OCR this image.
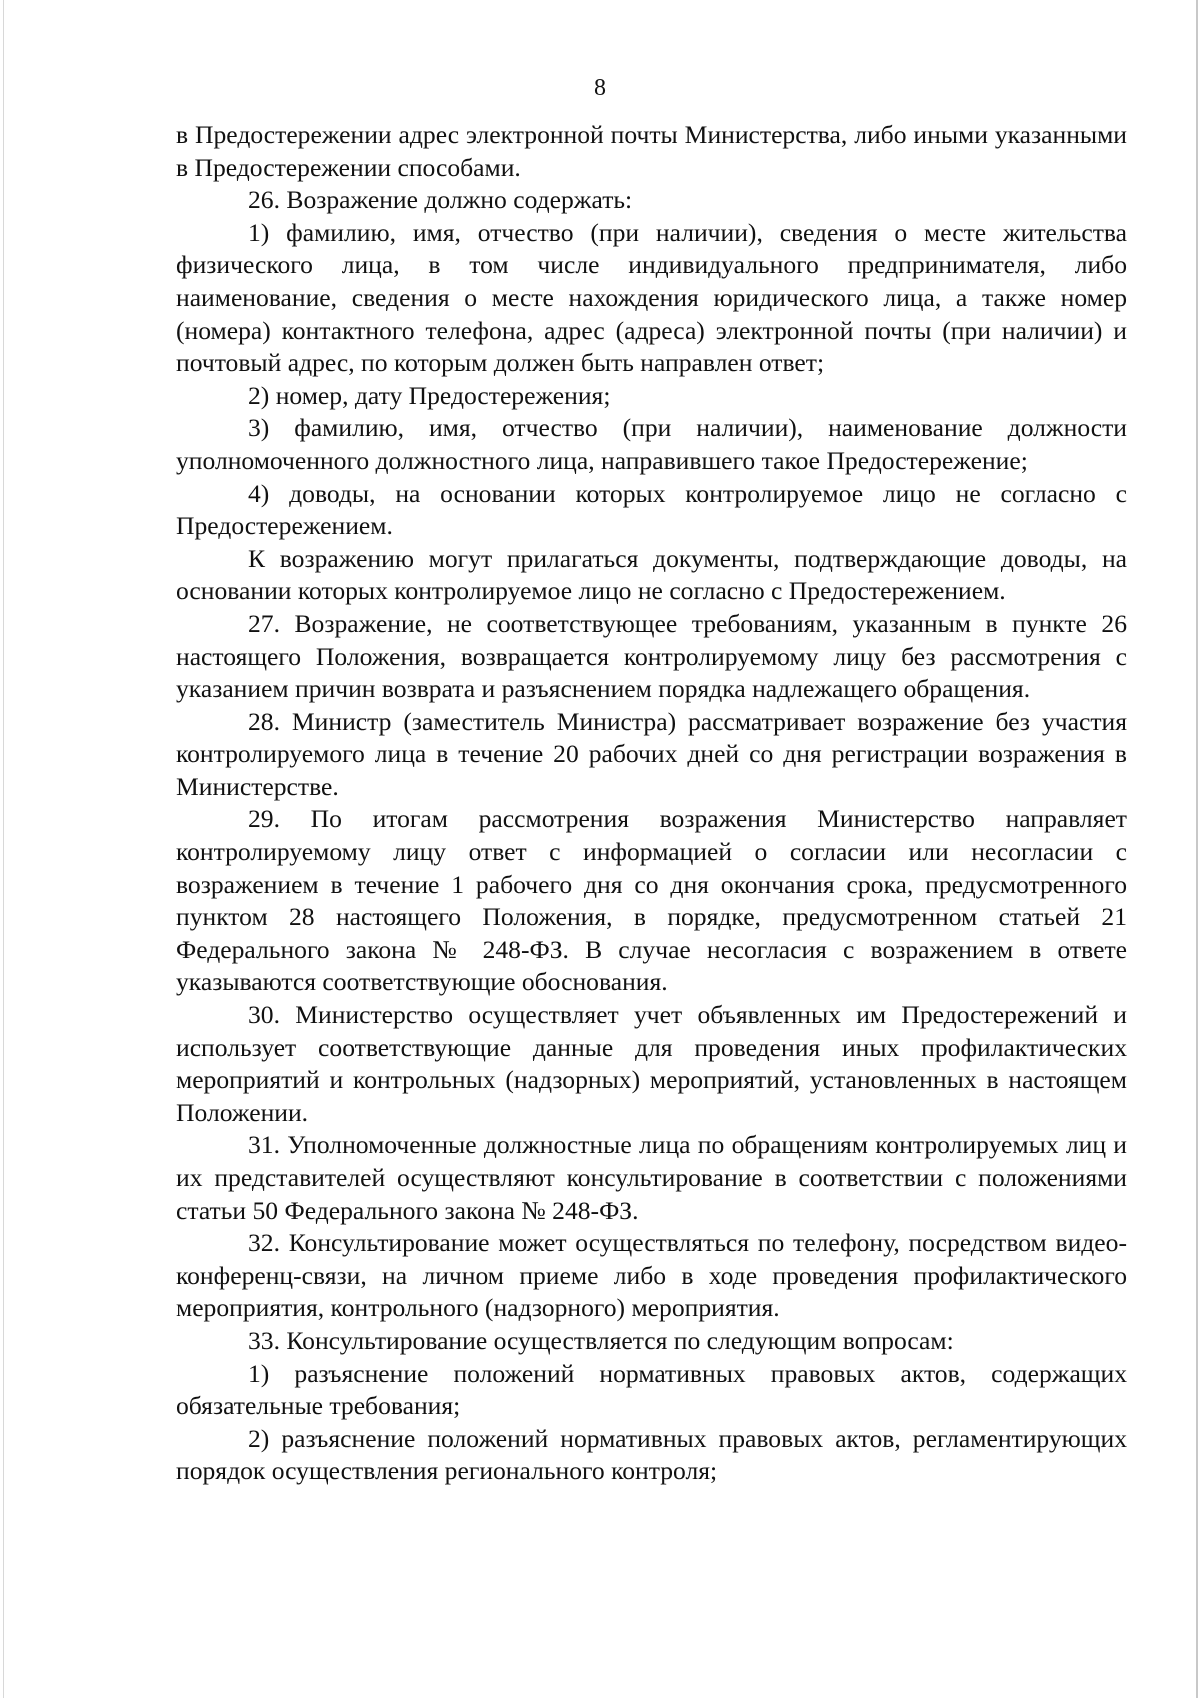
8

в Предостережении адрес электронной почты Министерства, либо иными указанными в Предостережении способами.

26. Возражение должно содержать:

1) фамилию, имя, отчество (при наличии), сведения о месте жительства физического лица, в том числе индивидуального предпринимателя, либо наименование, сведения о месте нахождения юридического лица, а также номер (номера) контактного телефона, адрес (адреса) электронной почты (при наличии) и почтовый адрес, по которым должен быть направлен ответ;

2) номер, дату Предостережения;

3) фамилию, имя, отчество (при наличии), наименование должности уполномоченного должностного лица, направившего такое Предостережение;

4) доводы, на основании которых контролируемое лицо не согласно с Предостережением.

К возражению могут прилагаться документы, подтверждающие доводы, на основании которых контролируемое лицо не согласно с Предостережением.

27. Возражение, не соответствующее требованиям, указанным в пункте 26 настоящего Положения, возвращается контролируемому лицу без рассмотрения с указанием причин возврата и разъяснением порядка надлежащего обращения.

28. Министр (заместитель Министра) рассматривает возражение без участия контролируемого лица в течение 20 рабочих дней со дня регистрации возражения в Министерстве.

29. По итогам рассмотрения возражения Министерство направляет контролируемому лицу ответ с информацией о согласии или несогласии с возражением в течение 1 рабочего дня со дня окончания срока, предусмотренного пунктом 28 настоящего Положения, в порядке, предусмотренном статьей 21 Федерального закона № 248-ФЗ. В случае несогласия с возражением в ответе указываются соответствующие обоснования.

30. Министерство осуществляет учет объявленных им Предостережений и использует соответствующие данные для проведения иных профилактических мероприятий и контрольных (надзорных) мероприятий, установленных в настоящем Положении.

31. Уполномоченные должностные лица по обращениям контролируемых лиц и их представителей осуществляют консультирование в соответствии с положениями статьи 50 Федерального закона № 248-ФЗ.

32. Консультирование может осуществляться по телефону, посредством видео-конференц-связи, на личном приеме либо в ходе проведения профилактического мероприятия, контрольного (надзорного) мероприятия.

33. Консультирование осуществляется по следующим вопросам:

1) разъяснение положений нормативных правовых актов, содержащих обязательные требования;

2) разъяснение положений нормативных правовых актов, регламентирующих порядок осуществления регионального контроля;
